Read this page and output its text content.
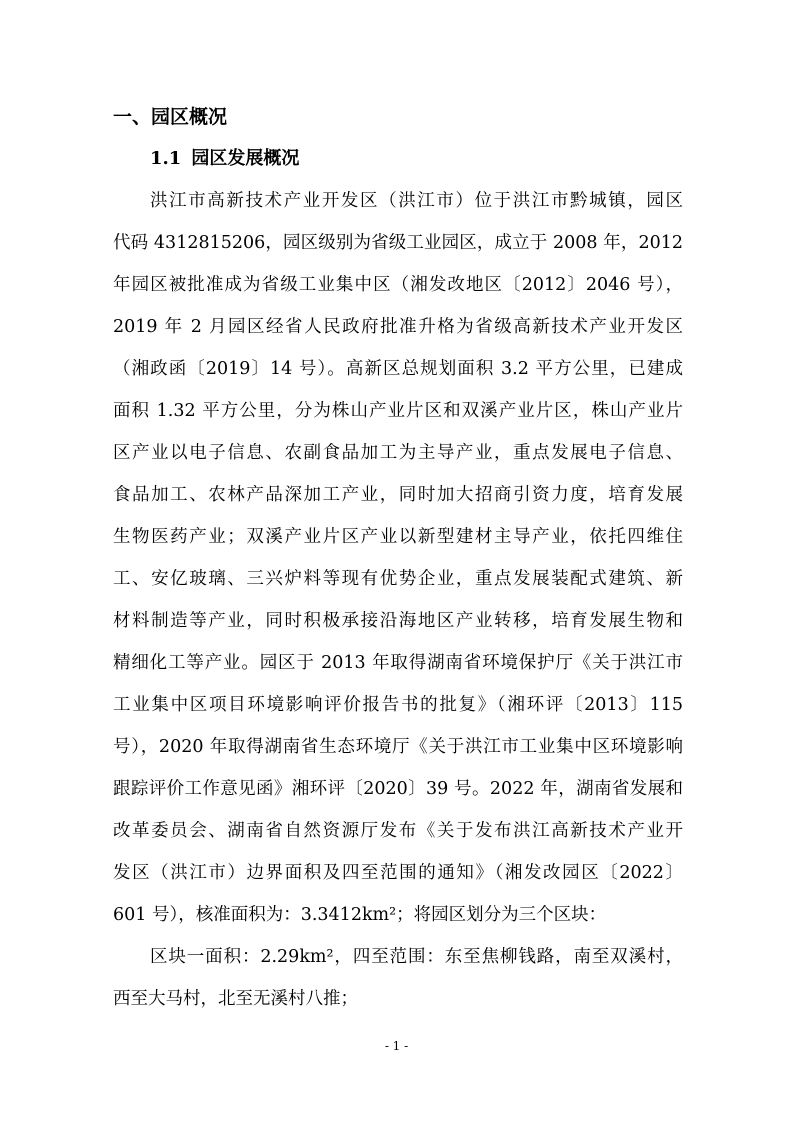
一、园区概况
1.1 园区发展概况
洪江市高新技术产业开发区（洪江市）位于洪江市黔城镇，园区
代码 4312815206，园区级别为省级工业园区，成立于 2008 年，2012
年园区被批准成为省级工业集中区（湘发改地区〔2012〕2046 号），
2019 年 2 月园区经省人民政府批准升格为省级高新技术产业开发区
（湘政函〔2019〕14 号）。高新区总规划面积 3.2 平方公里，已建成
面积 1.32 平方公里，分为株山产业片区和双溪产业片区，株山产业片
区产业以电子信息、农副食品加工为主导产业，重点发展电子信息、
食品加工、农林产品深加工产业，同时加大招商引资力度，培育发展
生物医药产业；双溪产业片区产业以新型建材主导产业，依托四维住
工、安亿玻璃、三兴炉料等现有优势企业，重点发展装配式建筑、新
材料制造等产业，同时积极承接沿海地区产业转移，培育发展生物和
精细化工等产业。园区于 2013 年取得湖南省环境保护厅《关于洪江市
工业集中区项目环境影响评价报告书的批复》（湘环评〔2013〕115
号），2020 年取得湖南省生态环境厅《关于洪江市工业集中区环境影响
跟踪评价工作意见函》湘环评〔2020〕39 号。2022 年，湖南省发展和
改革委员会、湖南省自然资源厅发布《关于发布洪江高新技术产业开
发区（洪江市）边界面积及四至范围的通知》（湘发改园区〔2022〕
601 号），核准面积为：3.3412km²；将园区划分为三个区块：
区块一面积：2.29km²，四至范围：东至焦柳钱路，南至双溪村，
西至大马村，北至无溪村八推；
- 1 -
